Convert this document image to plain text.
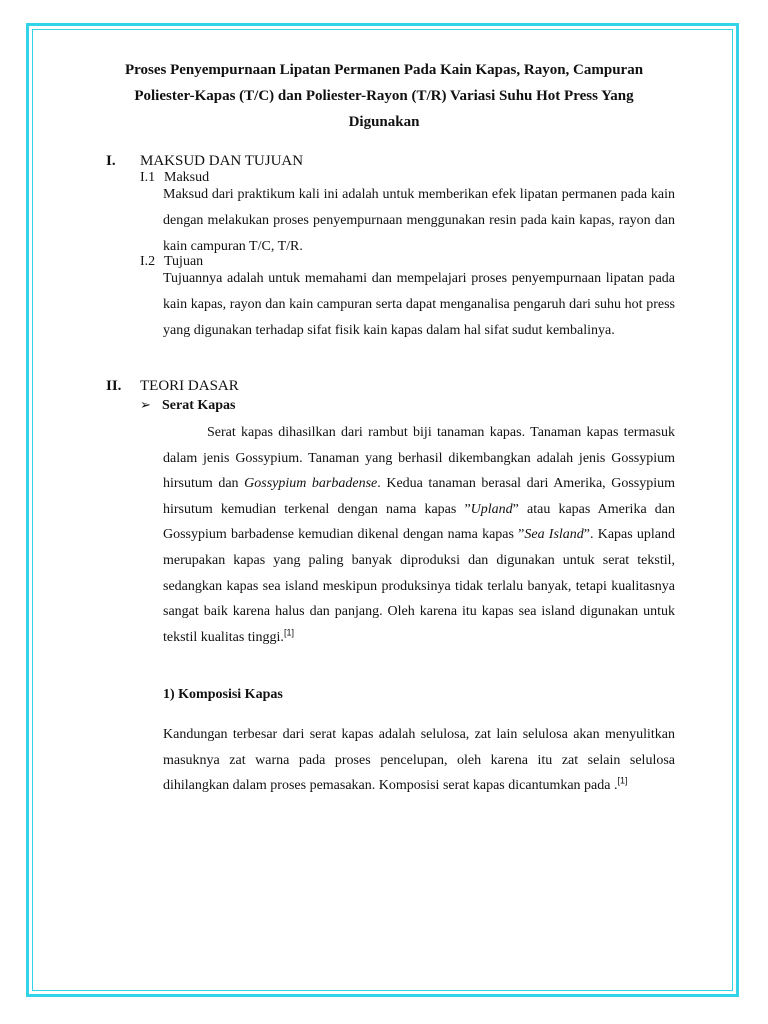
Proses Penyempurnaan Lipatan Permanen Pada Kain Kapas, Rayon, Campuran
Poliester-Kapas (T/C) dan Poliester-Rayon (T/R) Variasi Suhu Hot Press Yang
Digunakan
I. MAKSUD DAN TUJUAN
I.1 Maksud
Maksud dari praktikum kali ini adalah untuk memberikan efek lipatan permanen pada kain dengan melakukan proses penyempurnaan menggunakan resin pada kain kapas, rayon dan kain campuran T/C, T/R.
I.2 Tujuan
Tujuannya adalah untuk memahami dan mempelajari proses penyempurnaan lipatan pada kain kapas, rayon dan kain campuran serta dapat menganalisa pengaruh dari suhu hot press yang digunakan terhadap sifat fisik kain kapas dalam hal sifat sudut kembalinya.
II. TEORI DASAR
➢ Serat Kapas
Serat kapas dihasilkan dari rambut biji tanaman kapas. Tanaman kapas termasuk dalam jenis Gossypium. Tanaman yang berhasil dikembangkan adalah jenis Gossypium hirsutum dan Gossypium barbadense. Kedua tanaman berasal dari Amerika, Gossypium hirsutum kemudian terkenal dengan nama kapas ”Upland” atau kapas Amerika dan Gossypium barbadense kemudian dikenal dengan nama kapas ”Sea Island”. Kapas upland merupakan kapas yang paling banyak diproduksi dan digunakan untuk serat tekstil, sedangkan kapas sea island meskipun produksinya tidak terlalu banyak, tetapi kualitasnya sangat baik karena halus dan panjang. Oleh karena itu kapas sea island digunakan untuk tekstil kualitas tinggi.[1]
1) Komposisi Kapas
Kandungan terbesar dari serat kapas adalah selulosa, zat lain selulosa akan menyulitkan masuknya zat warna pada proses pencelupan, oleh karena itu zat selain selulosa dihilangkan dalam proses pemasakan. Komposisi serat kapas dicantumkan pada .[1]
